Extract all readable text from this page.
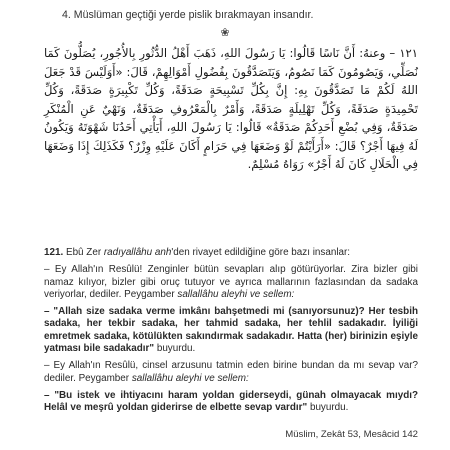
4. Müslüman geçtiği yerde pislik bırakmayan insandır.
❀
١٢١ – وعنهُ: أَنَّ نَاسًا قَالُوا: يَا رَسُولَ اللهِ، ذَهَبَ أَهْلُ الدُّثُورِ بِالأُجُورِ، يُصَلُّونَ كَمَا نُصَلِّي، وَيَصُومُونَ كَمَا نَصُومُ، وَيَتَصَدَّقُونَ بِفُضُولِ أَمْوَالِهِمْ، قَالَ: «أَوَلَيْسَ قَدْ جَعَلَ اللهُ لَكُمْ مَا تَصَدَّقُونَ بِهِ: إِنَّ بِكُلِّ تَسْبِيحَةٍ صَدَقَةً، وَكُلِّ تَكْبِيرَةٍ صَدَقَةً، وَكُلِّ تَحْمِيدَةٍ صَدَقَةً، وَكُلِّ تَهْلِيلَةٍ صَدَقَةً، وَأَمْرٌ بِالْمَعْرُوفِ صَدَقَةٌ، وَنَهْيٌ عَنِ الْمُنْكَرِ صَدَقَةٌ، وَفِي بُضْعِ أَحَدِكُمْ صَدَقَةٌ» قَالُوا: يَا رَسُولَ اللهِ، أَيَأْتِي أَحَدُنَا شَهْوَتَهُ وَيَكُونُ لَهُ فِيهَا أَجْرٌ؟ قَالَ: «أَرَأَيْتُمْ لَوْ وَضَعَهَا فِي حَرَامٍ أَكَانَ عَلَيْهِ وِزْرٌ؟ فَكَذَلِكَ إِذَا وَضَعَهَا فِي الْحَلَالِ كَانَ لَهُ أَجْرٌ» رَوَاهُ مُسْلِمٌ.

121. Ebû Zer radıyallâhu anh'den rivayet edildiğine göre bazı insanlar:

– Ey Allah'ın Resûlü! Zenginler bütün sevapları alıp götürüyorlar. Zira bizler gibi namaz kılıyor, bizler gibi oruç tutuyor ve ayrıca mallarının fazlasından da sadaka veriyorlar, dediler. Peygamber sallallâhu aleyhi ve sellem:

– "Allah size sadaka verme imkânı bahşetmedi mi (sanıyorsunuz)? Her tesbih sadaka, her tekbir sadaka, her tahmid sadaka, her tehlil sadakadır. İyiliği emretmek sadaka, kötülükten sakındırmak sadakadır. Hatta (her) birinizin eşiyle yatması bile sadakadır" buyurdu.

– Ey Allah'ın Resûlü, cinsel arzusunu tatmin eden birine bundan da mı sevap var? dediler. Peygamber sallallâhu aleyhi ve sellem:

– "Bu istek ve ihtiyacını haram yoldan giderseydi, günah olmayacak mıydı? Helâl ve meşrû yoldan giderirse de elbette sevap vardır" buyurdu.

Müslim, Zekât 53, Mesâcid 142
